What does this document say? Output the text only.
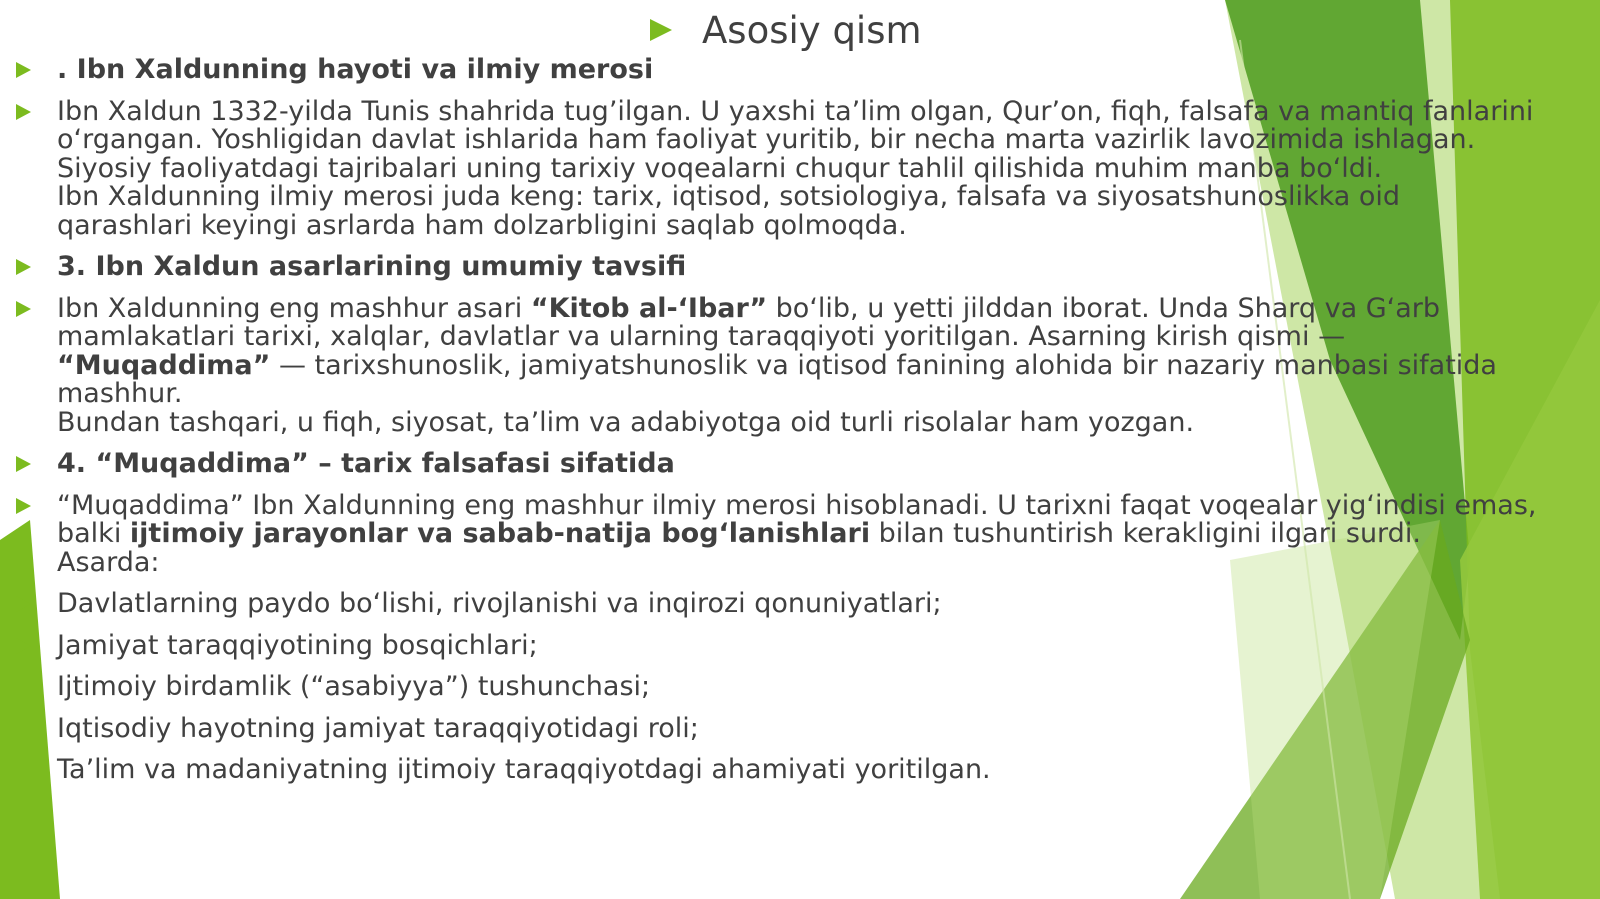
Asosiy qism
. Ibn Xaldunning hayoti va ilmiy merosi
Ibn Xaldun 1332-yilda Tunis shahrida tug’ilgan. U yaxshi ta’lim olgan, Qur’on, fiqh, falsafa va mantiq fanlarini
o‘rgangan. Yoshligidan davlat ishlarida ham faoliyat yuritib, bir necha marta vazirlik lavozimida ishlagan.
Siyosiy faoliyatdagi tajribalari uning tarixiy voqealarni chuqur tahlil qilishida muhim manba bo‘ldi.
Ibn Xaldunning ilmiy merosi juda keng: tarix, iqtisod, sotsiologiya, falsafa va siyosatshunoslikka oid
qarashlari keyingi asrlarda ham dolzarbligini saqlab qolmoqda.
3. Ibn Xaldun asarlarining umumiy tavsifi
Ibn Xaldunning eng mashhur asari “Kitob al-‘Ibar” bo‘lib, u yetti jilddan iborat. Unda Sharq va G‘arb
mamlakatlari tarixi, xalqlar, davlatlar va ularning taraqqiyoti yoritilgan. Asarning kirish qismi —
“Muqaddima” — tarixshunoslik, jamiyatshunoslik va iqtisod fanining alohida bir nazariy manbasi sifatida
mashhur.
Bundan tashqari, u fiqh, siyosat, ta’lim va adabiyotga oid turli risolalar ham yozgan.
4. “Muqaddima” – tarix falsafasi sifatida
“Muqaddima” Ibn Xaldunning eng mashhur ilmiy merosi hisoblanadi. U tarixni faqat voqealar yig‘indisi emas,
balki ijtimoiy jarayonlar va sabab-natija bog‘lanishlari bilan tushuntirish kerakligini ilgari surdi.
Asarda:
Davlatlarning paydo bo‘lishi, rivojlanishi va inqirozi qonuniyatlari;
Jamiyat taraqqiyotining bosqichlari;
Ijtimoiy birdamlik (“asabiyya”) tushunchasi;
Iqtisodiy hayotning jamiyat taraqqiyotidagi roli;
Ta’lim va madaniyatning ijtimoiy taraqqiyotdagi ahamiyati yoritilgan.
